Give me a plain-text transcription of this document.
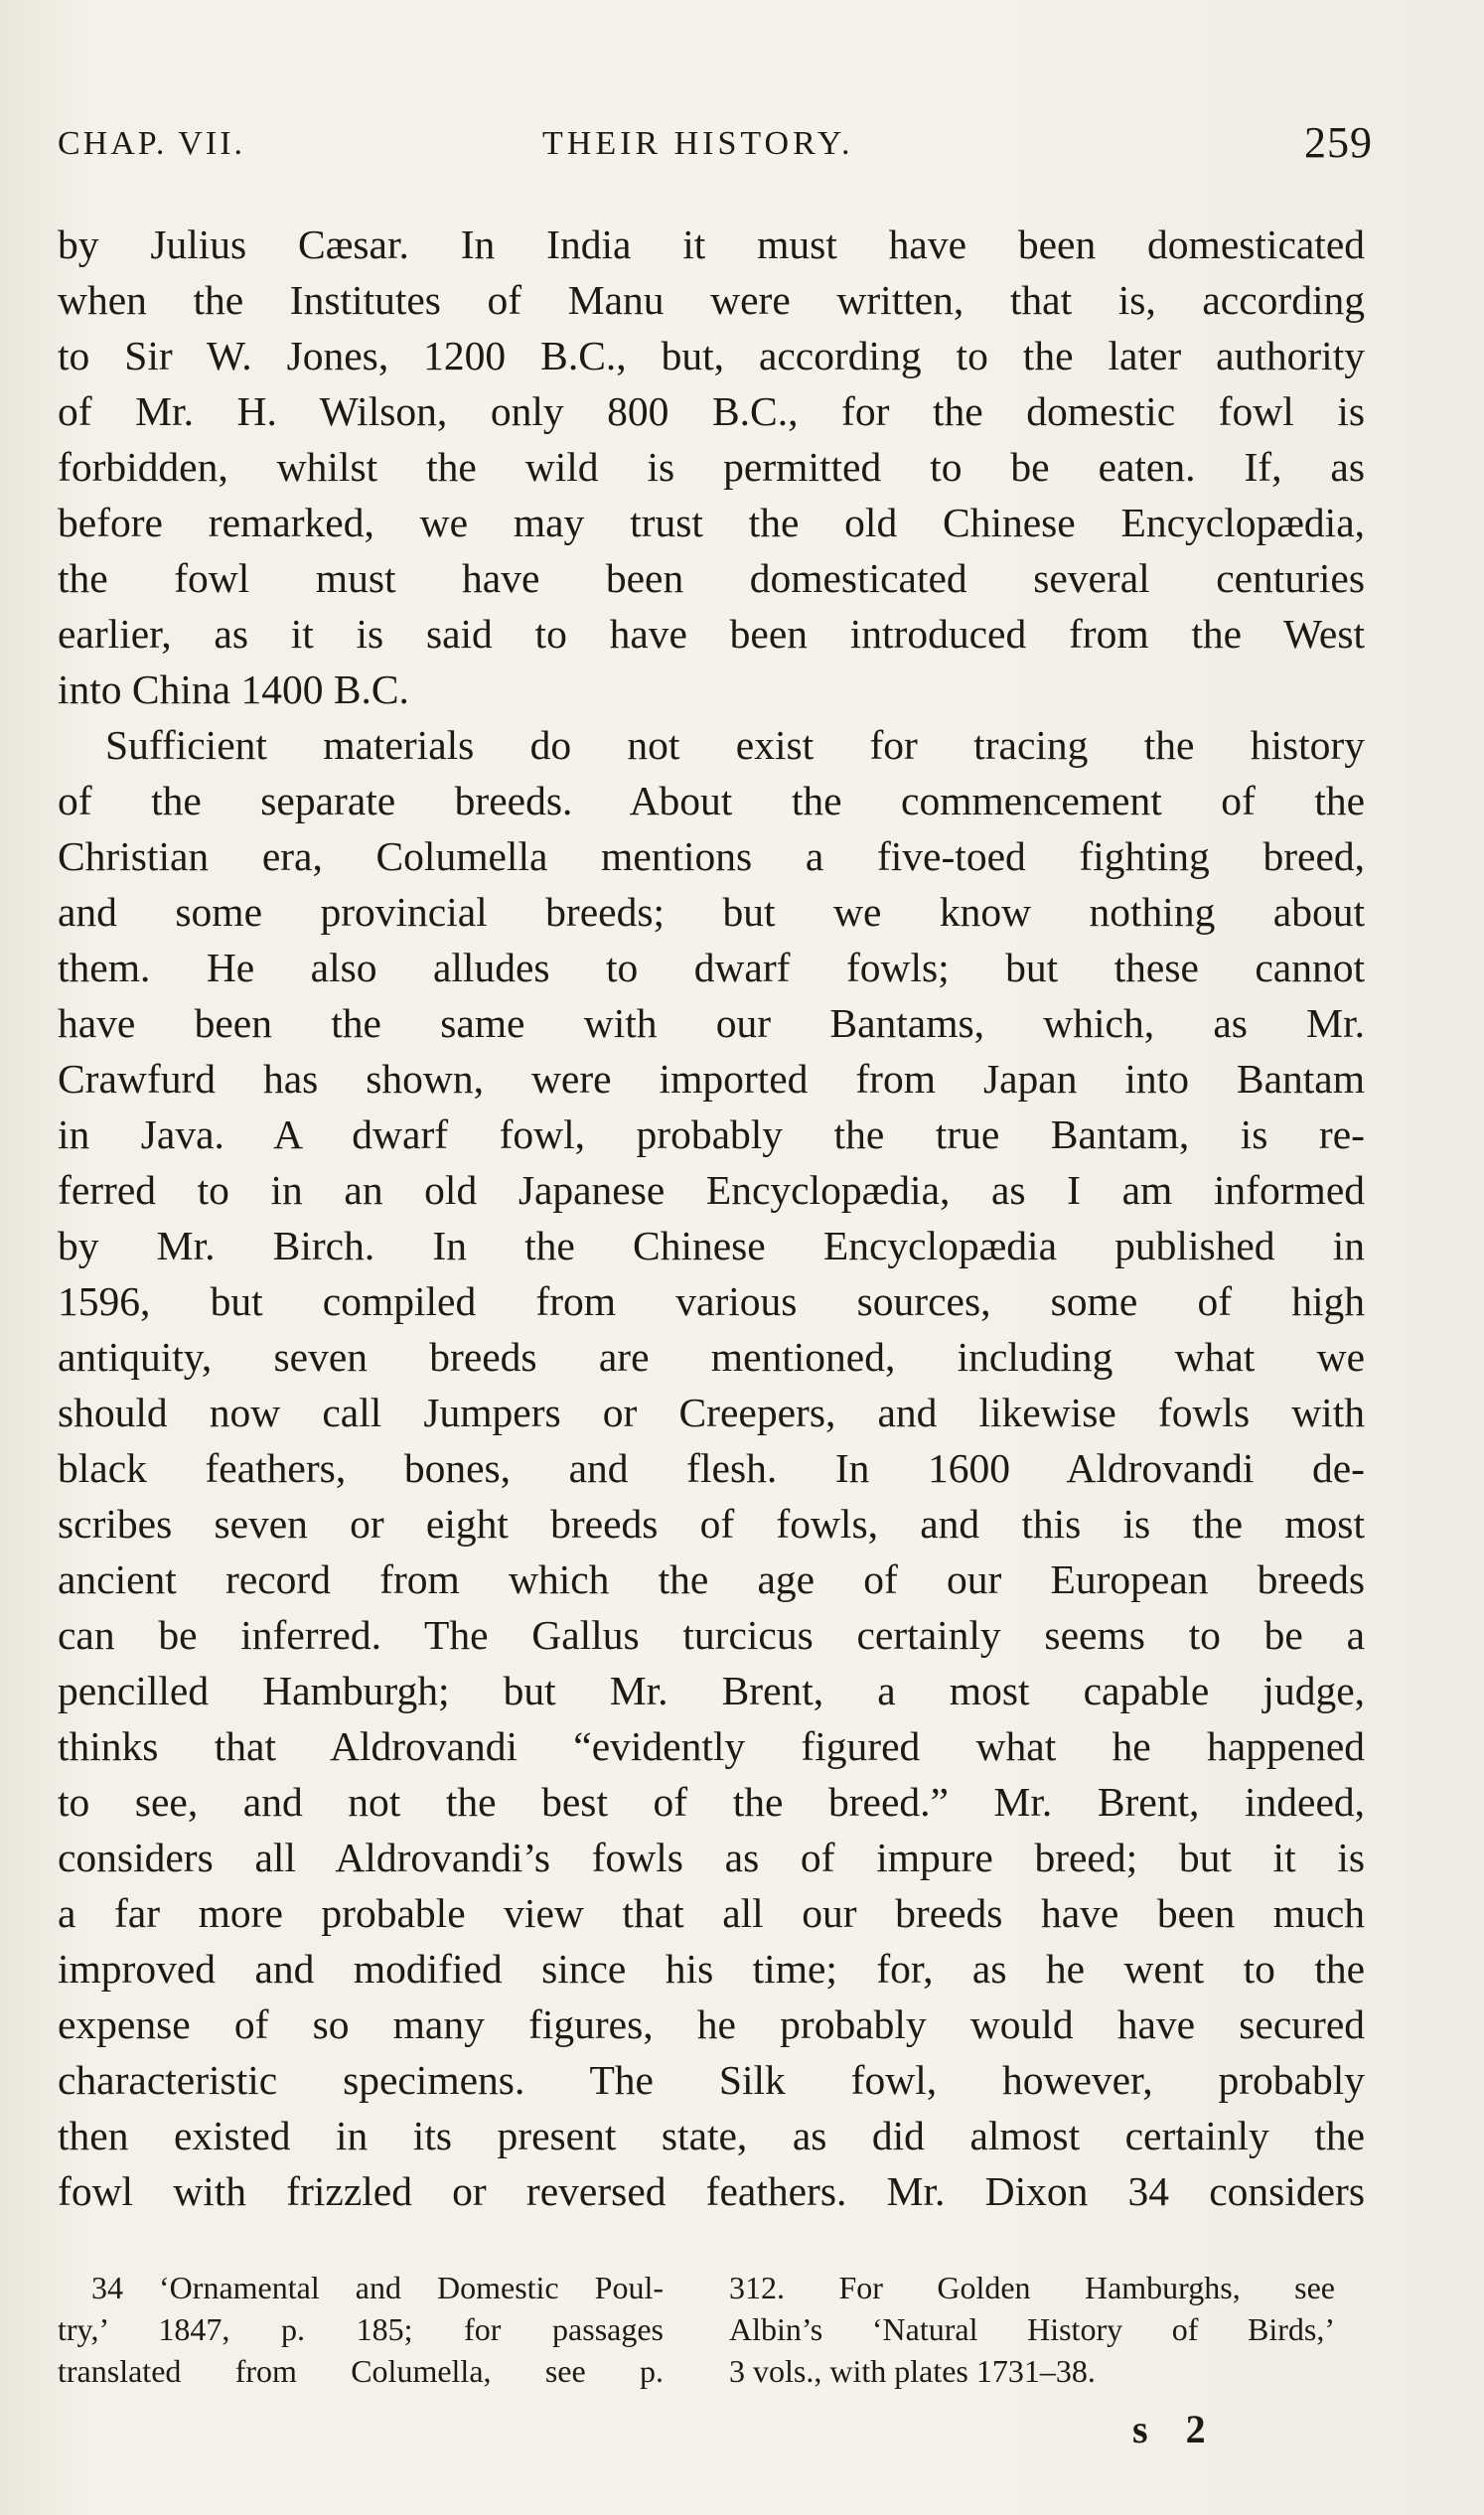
CHAP. VII.	THEIR HISTORY.	259
by Julius Cæsar. In India it must have been domesticated
when the Institutes of Manu were written, that is, according
to Sir W. Jones, 1200 B.C., but, according to the later authority
of Mr. H. Wilson, only 800 B.C., for the domestic fowl is
forbidden, whilst the wild is permitted to be eaten. If, as
before remarked, we may trust the old Chinese Encyclopædia,
the fowl must have been domesticated several centuries
earlier, as it is said to have been introduced from the West
into China 1400 B.C.
Sufficient materials do not exist for tracing the history
of the separate breeds. About the commencement of the
Christian era, Columella mentions a five-toed fighting breed,
and some provincial breeds; but we know nothing about
them. He also alludes to dwarf fowls; but these cannot
have been the same with our Bantams, which, as Mr.
Crawfurd has shown, were imported from Japan into Bantam
in Java. A dwarf fowl, probably the true Bantam, is re-
ferred to in an old Japanese Encyclopædia, as I am informed
by Mr. Birch. In the Chinese Encyclopædia published in
1596, but compiled from various sources, some of high
antiquity, seven breeds are mentioned, including what we
should now call Jumpers or Creepers, and likewise fowls with
black feathers, bones, and flesh. In 1600 Aldrovandi de-
scribes seven or eight breeds of fowls, and this is the most
ancient record from which the age of our European breeds
can be inferred. The Gallus turcicus certainly seems to be a
pencilled Hamburgh; but Mr. Brent, a most capable judge,
thinks that Aldrovandi “evidently figured what he happened
to see, and not the best of the breed.” Mr. Brent, indeed,
considers all Aldrovandi’s fowls as of impure breed; but it is
a far more probable view that all our breeds have been much
improved and modified since his time; for, as he went to the
expense of so many figures, he probably would have secured
characteristic specimens. The Silk fowl, however, probably
then existed in its present state, as did almost certainly the
fowl with frizzled or reversed feathers. Mr. Dixon 34 considers
34 ‘Ornamental and Domestic Poul-
try,’ 1847, p. 185; for passages
translated from Columella, see p.
312. For Golden Hamburghs, see
Albin’s ‘Natural History of Birds,’
3 vols., with plates 1731–38.
s 2
